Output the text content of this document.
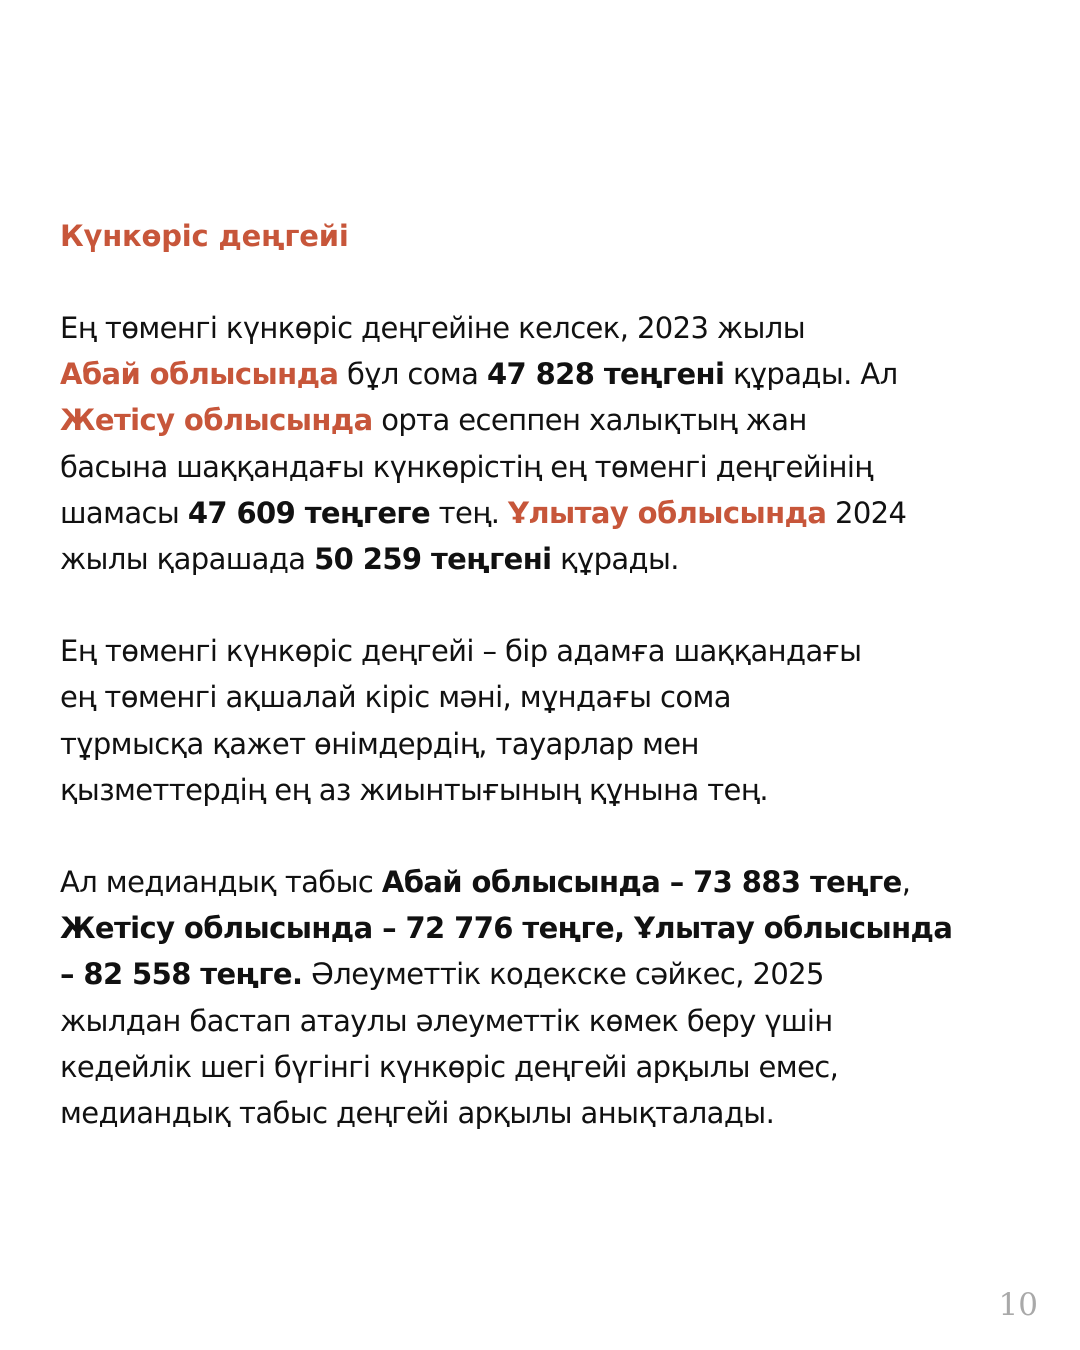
Күнкөріс деңгейі
Ең төменгі күнкөріс деңгейіне келсек, 2023 жылы
Абай облысында бұл сома 47 828 теңгені құрады. Ал
Жетісу облысында орта есеппен халықтың жан
басына шаққандағы күнкөрістің ең төменгі деңгейінің
шамасы 47 609 теңгеге тең. Ұлытау облысында 2024
жылы қарашада 50 259 теңгені құрады.
Ең төменгі күнкөріс деңгейі – бір адамға шаққандағы
ең төменгі ақшалай кіріс мәні, мұндағы сома
тұрмысқа қажет өнімдердің, тауарлар мен
қызметтердің ең аз жиынтығының құнына тең.
Ал медиандық табыс Абай облысында – 73 883 теңге,
Жетісу облысында – 72 776 теңге, Ұлытау облысында
– 82 558 теңге. Әлеуметтік кодекске сәйкес, 2025
жылдан бастап атаулы әлеуметтік көмек беру үшін
кедейлік шегі бүгінгі күнкөріс деңгейі арқылы емес,
медиандық табыс деңгейі арқылы анықталады.
10
